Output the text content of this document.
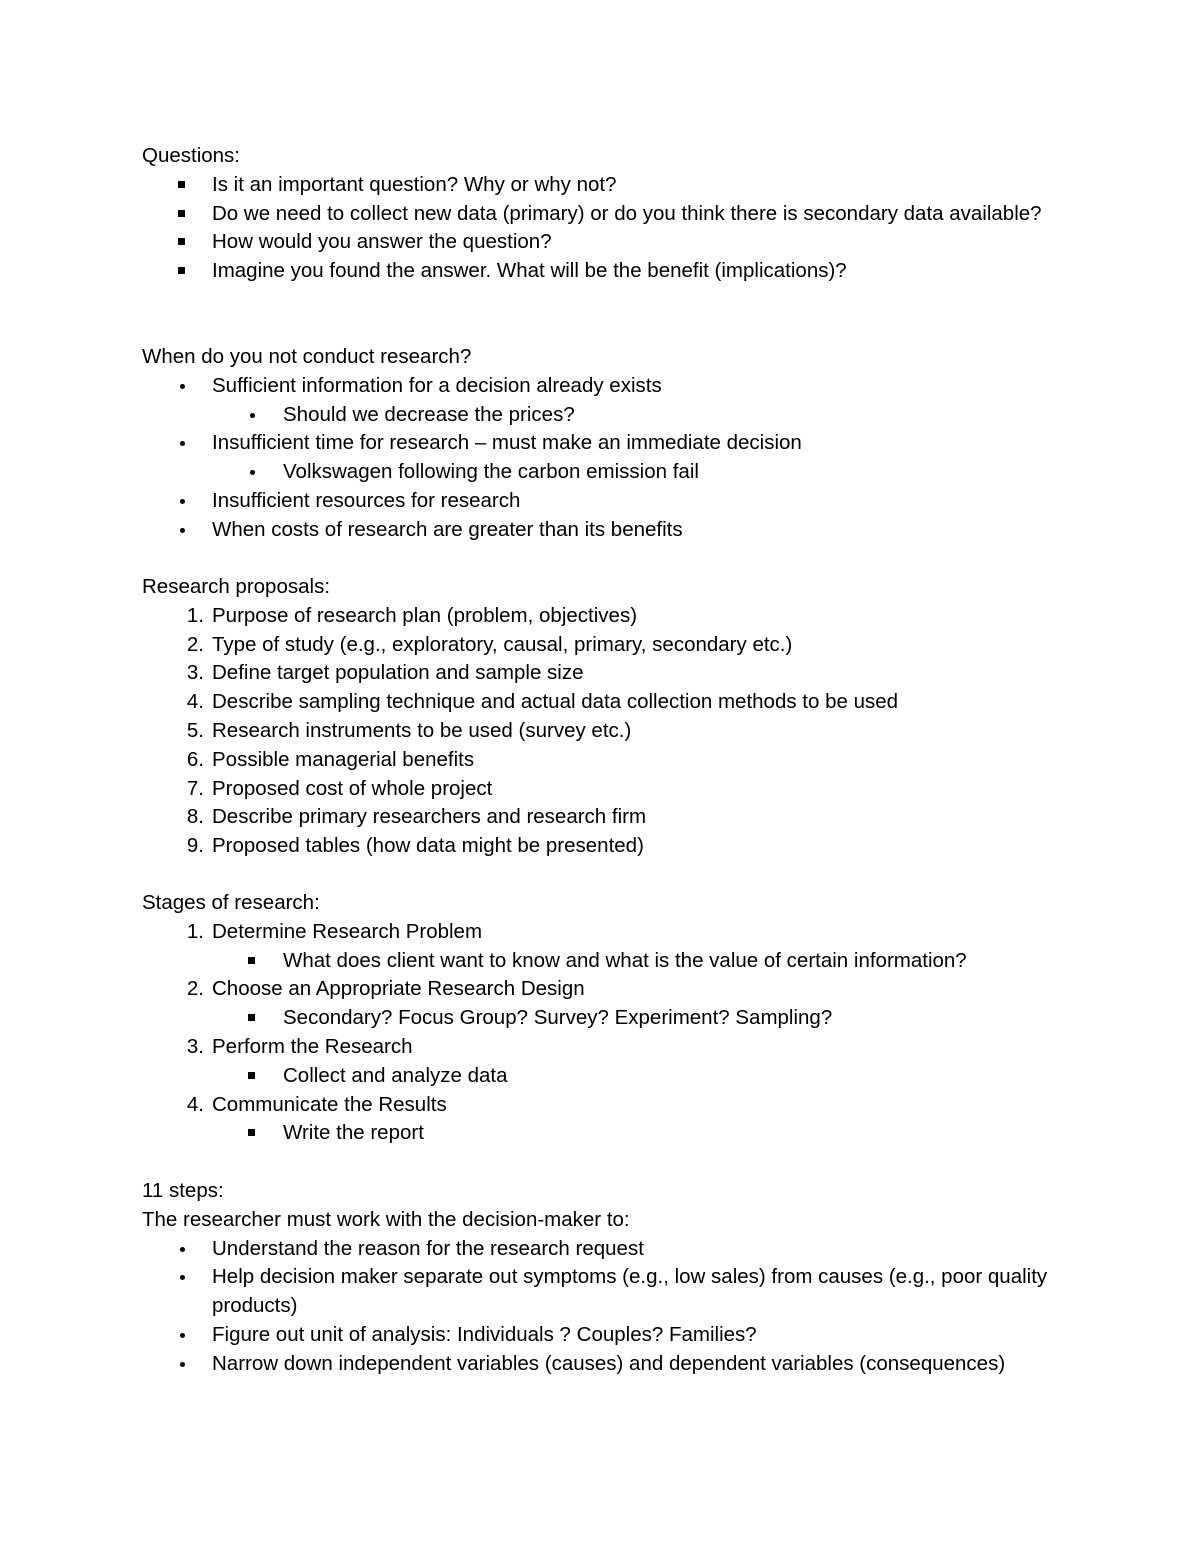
Questions:

Is it an important question? Why or why not?
Do we need to collect new data (primary) or do you think there is secondary data available?
How would you answer the question?
Imagine you found the answer. What will be the benefit (implications)?

When do you not conduct research?

Sufficient information for a decision already exists
Should we decrease the prices?
Insufficient time for research – must make an immediate decision
Volkswagen following the carbon emission fail
Insufficient resources for research
When costs of research are greater than its benefits

Research proposals:

1. Purpose of research plan (problem, objectives)
2. Type of study (e.g., exploratory, causal, primary, secondary etc.)
3. Define target population and sample size
4. Describe sampling technique and actual data collection methods to be used
5. Research instruments to be used (survey etc.)
6. Possible managerial benefits
7. Proposed cost of whole project
8. Describe primary researchers and research firm
9. Proposed tables (how data might be presented)

Stages of research:

1. Determine Research Problem
What does client want to know and what is the value of certain information?
2. Choose an Appropriate Research Design
Secondary? Focus Group? Survey? Experiment? Sampling?
3. Perform the Research
Collect and analyze data
4. Communicate the Results
Write the report

11 steps:

The researcher must work with the decision-maker to:

Understand the reason for the research request
Help decision maker separate out symptoms (e.g., low sales) from causes (e.g., poor quality products)
Figure out unit of analysis: Individuals ? Couples? Families?
Narrow down independent variables (causes) and dependent variables (consequences)
